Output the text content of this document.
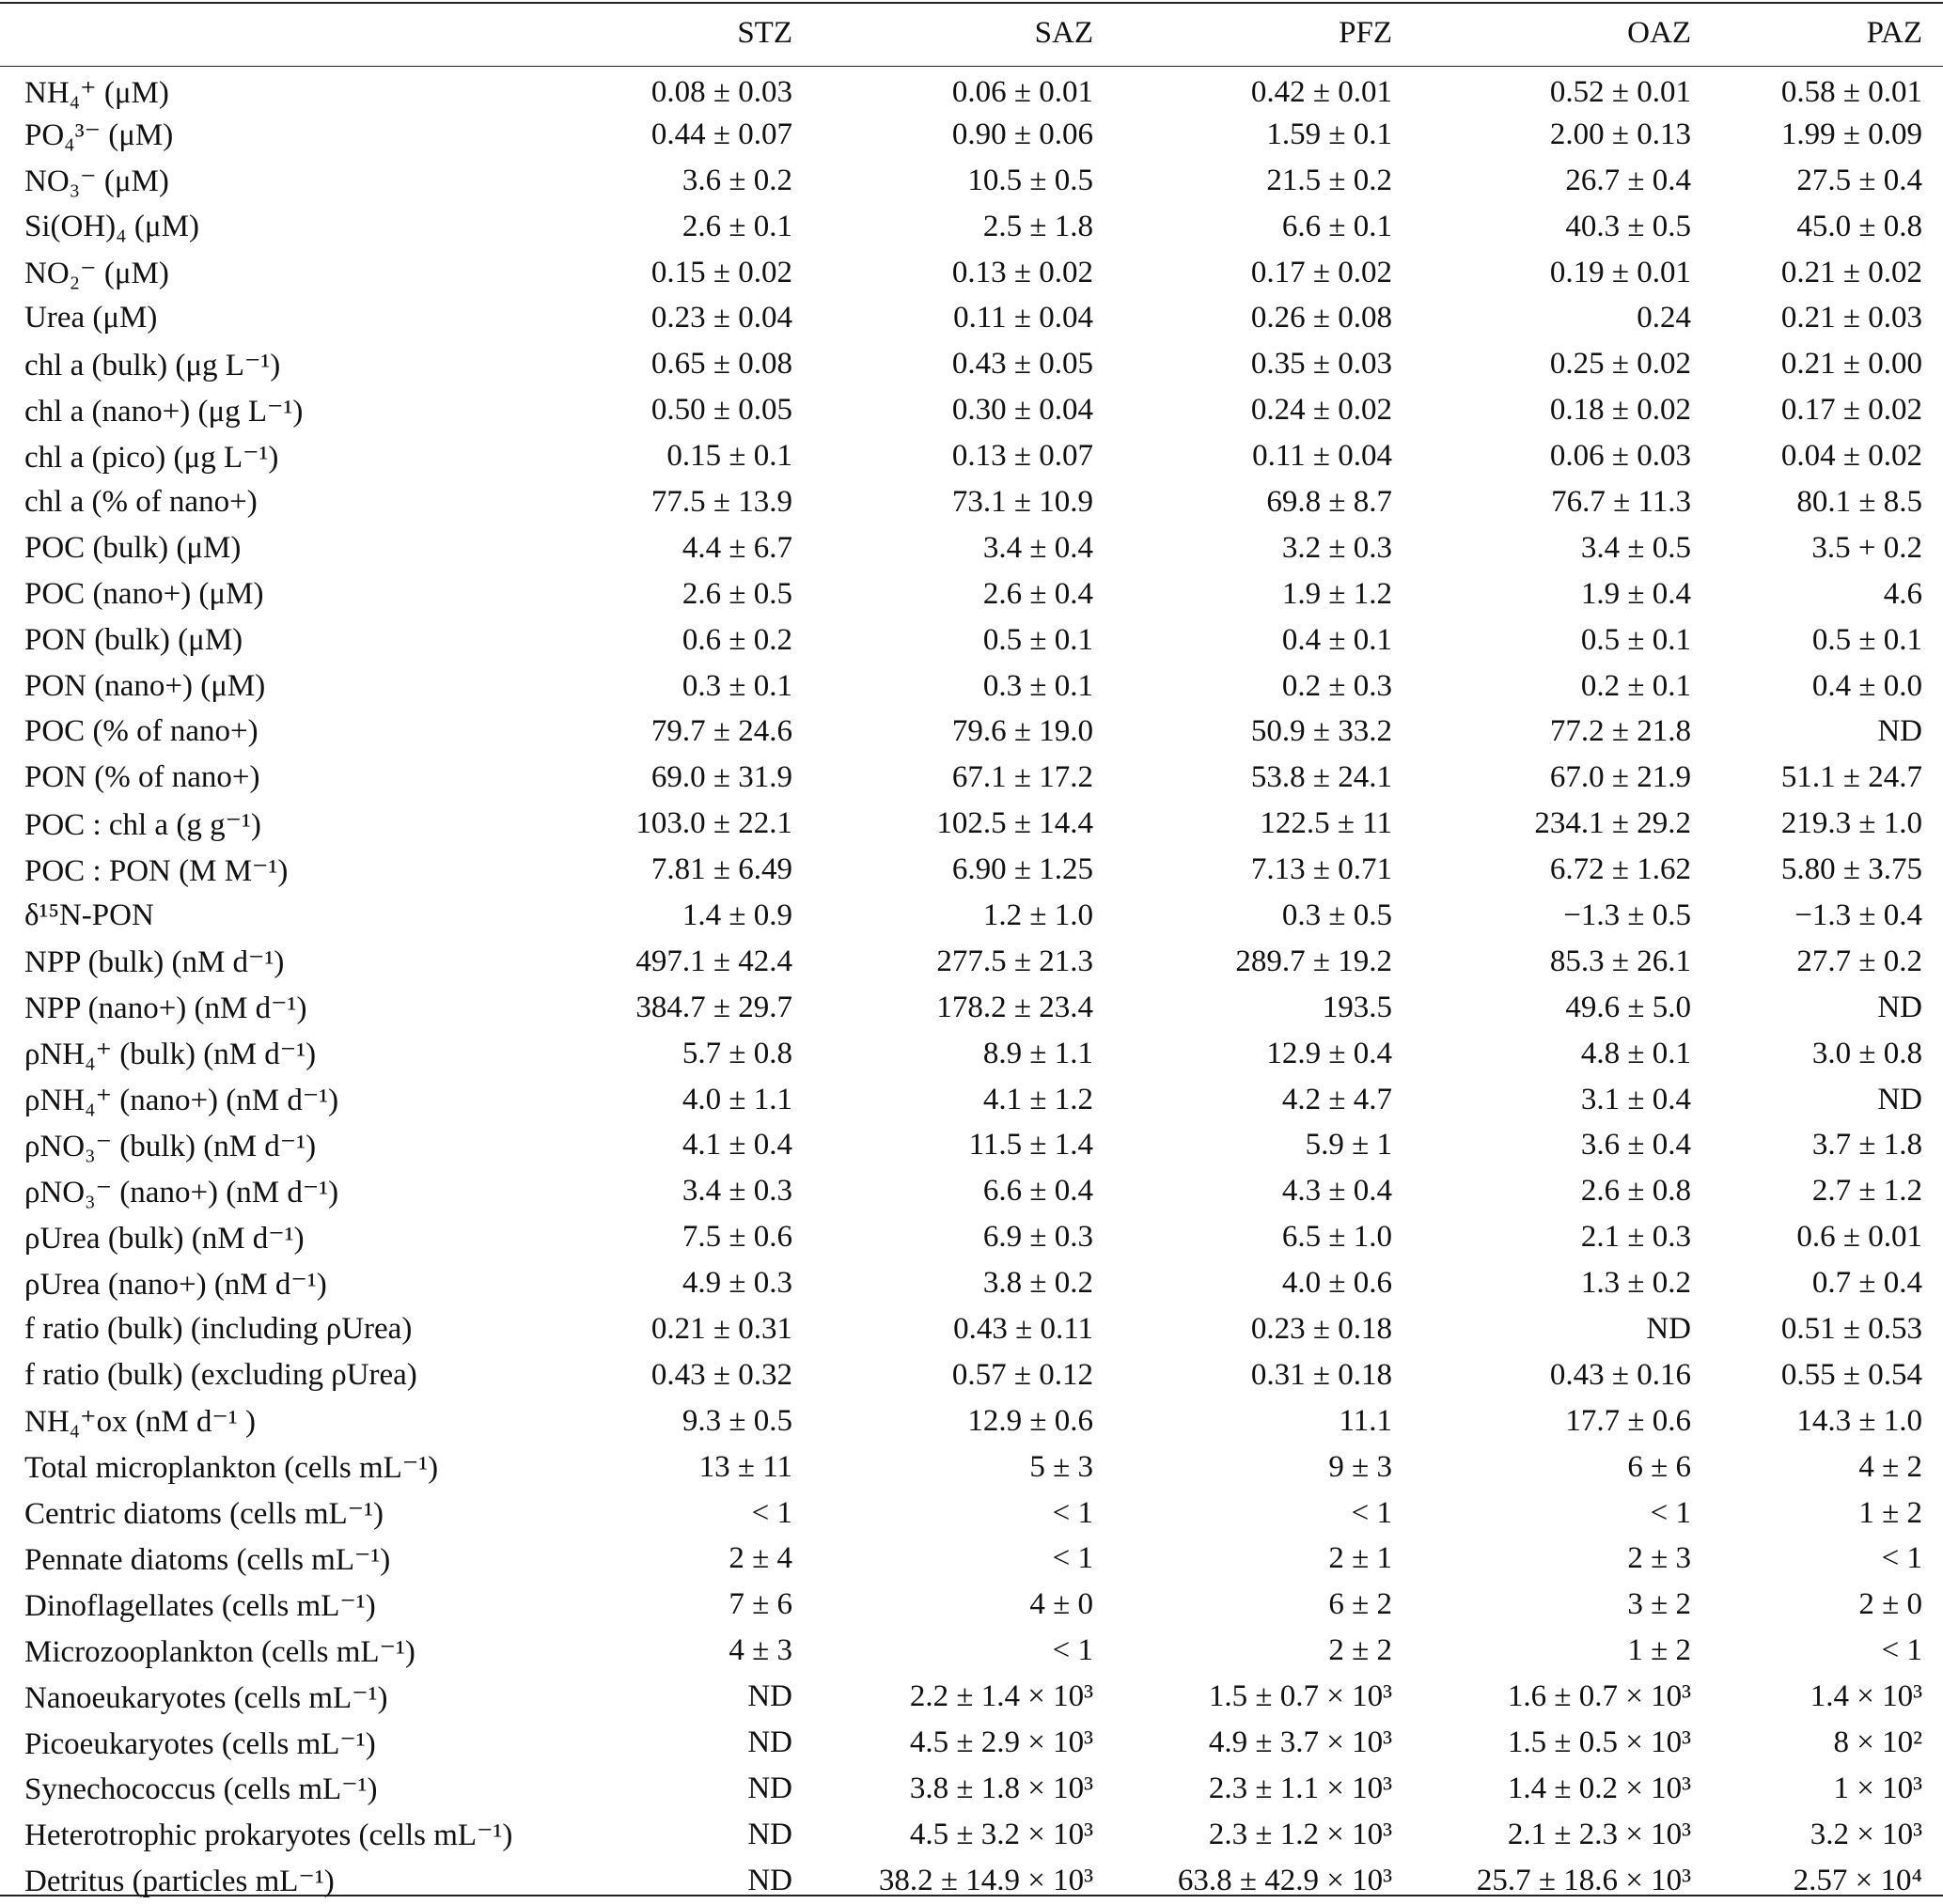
	STZ	SAZ	PFZ	OAZ	PAZ
NH₄⁺ (μM)	0.08 ± 0.03	0.06 ± 0.01	0.42 ± 0.01	0.52 ± 0.01	0.58 ± 0.01
PO₄³⁻ (μM)	0.44 ± 0.07	0.90 ± 0.06	1.59 ± 0.1	2.00 ± 0.13	1.99 ± 0.09
NO₃⁻ (μM)	3.6 ± 0.2	10.5 ± 0.5	21.5 ± 0.2	26.7 ± 0.4	27.5 ± 0.4
Si(OH)₄ (μM)	2.6 ± 0.1	2.5 ± 1.8	6.6 ± 0.1	40.3 ± 0.5	45.0 ± 0.8
NO₂⁻ (μM)	0.15 ± 0.02	0.13 ± 0.02	0.17 ± 0.02	0.19 ± 0.01	0.21 ± 0.02
Urea (μM)	0.23 ± 0.04	0.11 ± 0.04	0.26 ± 0.08	0.24	0.21 ± 0.03
chl a (bulk) (μg L⁻¹)	0.65 ± 0.08	0.43 ± 0.05	0.35 ± 0.03	0.25 ± 0.02	0.21 ± 0.00
chl a (nano+) (μg L⁻¹)	0.50 ± 0.05	0.30 ± 0.04	0.24 ± 0.02	0.18 ± 0.02	0.17 ± 0.02
chl a (pico) (μg L⁻¹)	0.15 ± 0.1	0.13 ± 0.07	0.11 ± 0.04	0.06 ± 0.03	0.04 ± 0.02
chl a (% of nano+)	77.5 ± 13.9	73.1 ± 10.9	69.8 ± 8.7	76.7 ± 11.3	80.1 ± 8.5
POC (bulk) (μM)	4.4 ± 6.7	3.4 ± 0.4	3.2 ± 0.3	3.4 ± 0.5	3.5 + 0.2
POC (nano+) (μM)	2.6 ± 0.5	2.6 ± 0.4	1.9 ± 1.2	1.9 ± 0.4	4.6
PON (bulk) (μM)	0.6 ± 0.2	0.5 ± 0.1	0.4 ± 0.1	0.5 ± 0.1	0.5 ± 0.1
PON (nano+) (μM)	0.3 ± 0.1	0.3 ± 0.1	0.2 ± 0.3	0.2 ± 0.1	0.4 ± 0.0
POC (% of nano+)	79.7 ± 24.6	79.6 ± 19.0	50.9 ± 33.2	77.2 ± 21.8	ND
PON (% of nano+)	69.0 ± 31.9	67.1 ± 17.2	53.8 ± 24.1	67.0 ± 21.9	51.1 ± 24.7
POC : chl a (g g⁻¹)	103.0 ± 22.1	102.5 ± 14.4	122.5 ± 11	234.1 ± 29.2	219.3 ± 1.0
POC : PON (M M⁻¹)	7.81 ± 6.49	6.90 ± 1.25	7.13 ± 0.71	6.72 ± 1.62	5.80 ± 3.75
δ¹⁵N-PON	1.4 ± 0.9	1.2 ± 1.0	0.3 ± 0.5	−1.3 ± 0.5	−1.3 ± 0.4
NPP (bulk) (nM d⁻¹)	497.1 ± 42.4	277.5 ± 21.3	289.7 ± 19.2	85.3 ± 26.1	27.7 ± 0.2
NPP (nano+) (nM d⁻¹)	384.7 ± 29.7	178.2 ± 23.4	193.5	49.6 ± 5.0	ND
ρNH₄⁺ (bulk) (nM d⁻¹)	5.7 ± 0.8	8.9 ± 1.1	12.9 ± 0.4	4.8 ± 0.1	3.0 ± 0.8
ρNH₄⁺ (nano+) (nM d⁻¹)	4.0 ± 1.1	4.1 ± 1.2	4.2 ± 4.7	3.1 ± 0.4	ND
ρNO₃⁻ (bulk) (nM d⁻¹)	4.1 ± 0.4	11.5 ± 1.4	5.9 ± 1	3.6 ± 0.4	3.7 ± 1.8
ρNO₃⁻ (nano+) (nM d⁻¹)	3.4 ± 0.3	6.6 ± 0.4	4.3 ± 0.4	2.6 ± 0.8	2.7 ± 1.2
ρUrea (bulk) (nM d⁻¹)	7.5 ± 0.6	6.9 ± 0.3	6.5 ± 1.0	2.1 ± 0.3	0.6 ± 0.01
ρUrea (nano+) (nM d⁻¹)	4.9 ± 0.3	3.8 ± 0.2	4.0 ± 0.6	1.3 ± 0.2	0.7 ± 0.4
f ratio (bulk) (including ρUrea)	0.21 ± 0.31	0.43 ± 0.11	0.23 ± 0.18	ND	0.51 ± 0.53
f ratio (bulk) (excluding ρUrea)	0.43 ± 0.32	0.57 ± 0.12	0.31 ± 0.18	0.43 ± 0.16	0.55 ± 0.54
NH₄⁺ox (nM d⁻¹ )	9.3 ± 0.5	12.9 ± 0.6	11.1	17.7 ± 0.6	14.3 ± 1.0
Total microplankton (cells mL⁻¹)	13 ± 11	5 ± 3	9 ± 3	6 ± 6	4 ± 2
Centric diatoms (cells mL⁻¹)	< 1	< 1	< 1	< 1	1 ± 2
Pennate diatoms (cells mL⁻¹)	2 ± 4	< 1	2 ± 1	2 ± 3	< 1
Dinoflagellates (cells mL⁻¹)	7 ± 6	4 ± 0	6 ± 2	3 ± 2	2 ± 0
Microzooplankton (cells mL⁻¹)	4 ± 3	< 1	2 ± 2	1 ± 2	< 1
Nanoeukaryotes (cells mL⁻¹)	ND	2.2 ± 1.4 × 10³	1.5 ± 0.7 × 10³	1.6 ± 0.7 × 10³	1.4 × 10³
Picoeukaryotes (cells mL⁻¹)	ND	4.5 ± 2.9 × 10³	4.9 ± 3.7 × 10³	1.5 ± 0.5 × 10³	8 × 10²
Synechococcus (cells mL⁻¹)	ND	3.8 ± 1.8 × 10³	2.3 ± 1.1 × 10³	1.4 ± 0.2 × 10³	1 × 10³
Heterotrophic prokaryotes (cells mL⁻¹)	ND	4.5 ± 3.2 × 10³	2.3 ± 1.2 × 10³	2.1 ± 2.3 × 10³	3.2 × 10³
Detritus (particles mL⁻¹)	ND	38.2 ± 14.9 × 10³	63.8 ± 42.9 × 10³	25.7 ± 18.6 × 10³	2.57 × 10⁴
